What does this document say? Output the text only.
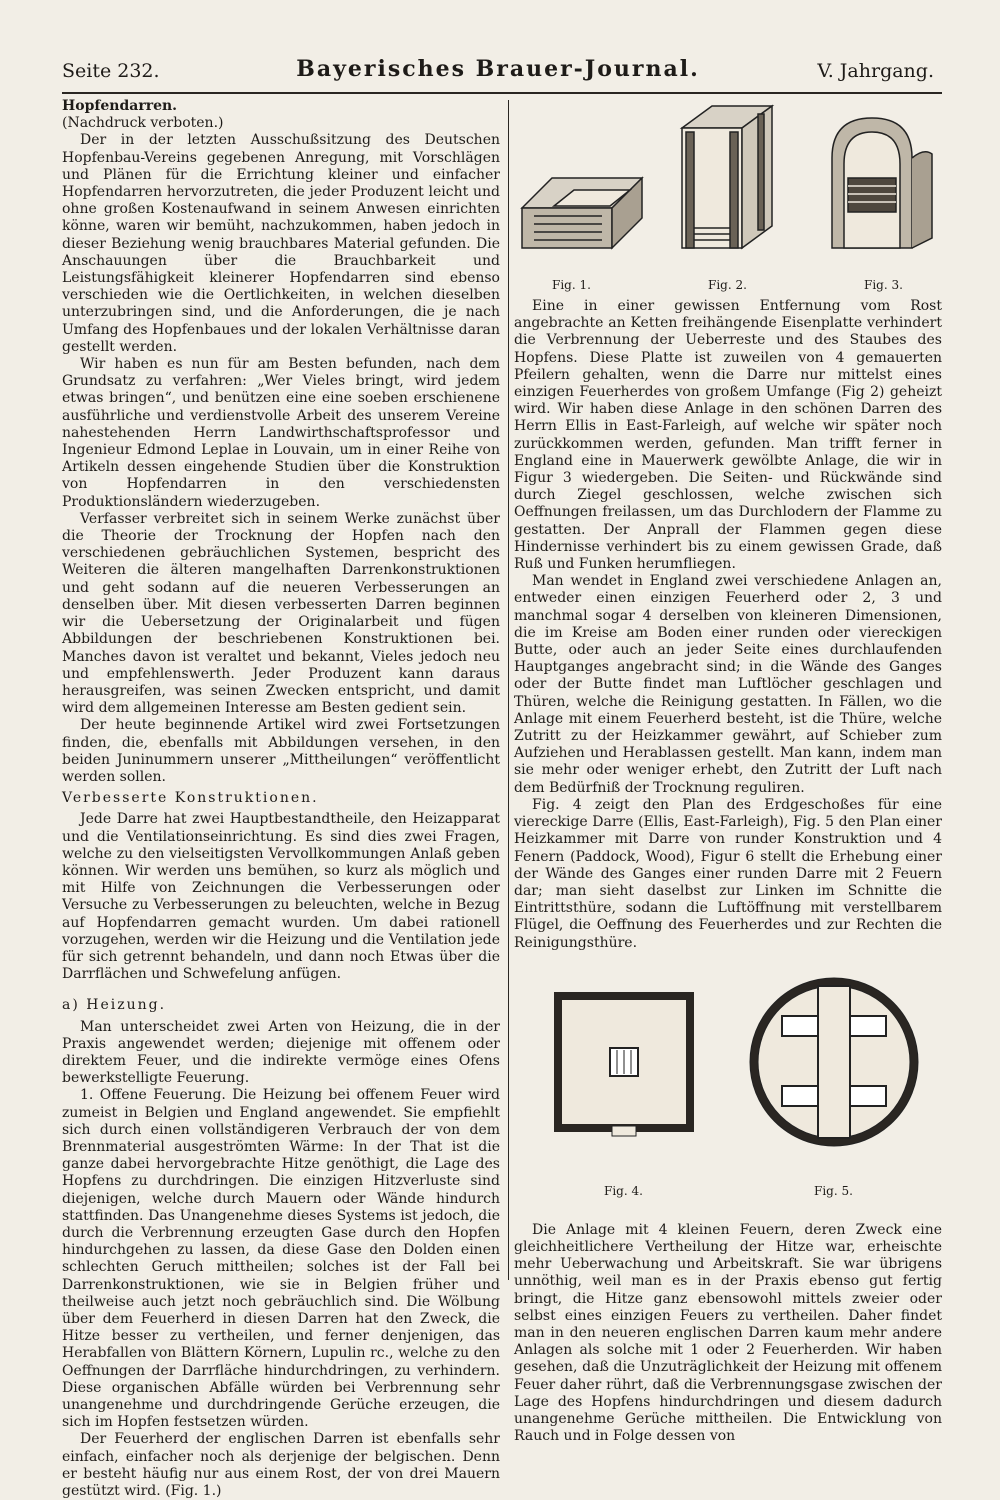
Seite 232.	Bayerisches Brauer-Journal.	V. Jahrgang.

Hopfendarren.

(Nachdruck verboten.)

Der in der letzten Ausschußsitzung des Deutschen Hopfenbau-Vereins gegebenen Anregung, mit Vorschlägen und Plänen für die Errichtung kleiner und einfacher Hopfendarren hervorzutreten, die jeder Produzent leicht und ohne großen Kostenaufwand in seinem Anwesen einrichten könne, waren wir bemüht, nachzukommen, haben jedoch in dieser Beziehung wenig brauchbares Material gefunden. Die Anschauungen über die Brauchbarkeit und Leistungsfähigkeit kleinerer Hopfendarren sind ebenso verschieden wie die Oertlichkeiten, in welchen dieselben unterzubringen sind, und die Anforderungen, die je nach Umfang des Hopfenbaues und der lokalen Verhältnisse daran gestellt werden.

Wir haben es nun für am Besten befunden, nach dem Grundsatz zu verfahren: „Wer Vieles bringt, wird jedem etwas bringen“, und benützen eine eine soeben erschienene ausführliche und verdienstvolle Arbeit des unserem Vereine nahestehenden Herrn Landwirthschaftsprofessor und Ingenieur Edmond Leplae in Louvain, um in einer Reihe von Artikeln dessen eingehende Studien über die Konstruktion von Hopfendarren in den verschiedensten Produktionsländern wiederzugeben.

Verfasser verbreitet sich in seinem Werke zunächst über die Theorie der Trocknung der Hopfen nach den verschiedenen gebräuchlichen Systemen, bespricht des Weiteren die älteren mangelhaften Darrenkonstruktionen und geht sodann auf die neueren Verbesserungen an denselben über. Mit diesen verbesserten Darren beginnen wir die Uebersetzung der Originalarbeit und fügen Abbildungen der beschriebenen Konstruktionen bei. Manches davon ist veraltet und bekannt, Vieles jedoch neu und empfehlenswerth. Jeder Produzent kann daraus herausgreifen, was seinen Zwecken entspricht, und damit wird dem allgemeinen Interesse am Besten gedient sein.

Der heute beginnende Artikel wird zwei Fortsetzungen finden, die, ebenfalls mit Abbildungen versehen, in den beiden Juninummern unserer „Mittheilungen“ veröffentlicht werden sollen.

Verbesserte Konstruktionen.

Jede Darre hat zwei Hauptbestandtheile, den Heizapparat und die Ventilationseinrichtung. Es sind dies zwei Fragen, welche zu den vielseitigsten Vervollkommungen Anlaß geben können. Wir werden uns bemühen, so kurz als möglich und mit Hilfe von Zeichnungen die Verbesserungen oder Versuche zu Verbesserungen zu beleuchten, welche in Bezug auf Hopfendarren gemacht wurden. Um dabei rationell vorzugehen, werden wir die Heizung und die Ventilation jede für sich getrennt behandeln, und dann noch Etwas über die Darrflächen und Schwefelung anfügen.

a) Heizung.

Man unterscheidet zwei Arten von Heizung, die in der Praxis angewendet werden; diejenige mit offenem oder direktem Feuer, und die indirekte vermöge eines Ofens bewerkstelligte Feuerung.

1. Offene Feuerung. Die Heizung bei offenem Feuer wird zumeist in Belgien und England angewendet. Sie empfiehlt sich durch einen vollständigeren Verbrauch der von dem Brennmaterial ausgeströmten Wärme: In der That ist die ganze dabei hervorgebrachte Hitze genöthigt, die Lage des Hopfens zu durchdringen. Die einzigen Hitzverluste sind diejenigen, welche durch Mauern oder Wände hindurch stattfinden. Das Unangenehme dieses Systems ist jedoch, die durch die Verbrennung erzeugten Gase durch den Hopfen hindurchgehen zu lassen, da diese Gase den Dolden einen schlechten Geruch mittheilen; solches ist der Fall bei Darrenkonstruktionen, wie sie in Belgien früher und theilweise auch jetzt noch gebräuchlich sind. Die Wölbung über dem Feuerherd in diesen Darren hat den Zweck, die Hitze besser zu vertheilen, und ferner denjenigen, das Herabfallen von Blättern Körnern, Lupulin rc., welche zu den Oeffnungen der Darrfläche hindurchdringen, zu verhindern. Diese organischen Abfälle würden bei Verbrennung sehr unangenehme und durchdringende Gerüche erzeugen, die sich im Hopfen festsetzen würden.

Der Feuerherd der englischen Darren ist ebenfalls sehr einfach, einfacher noch als derjenige der belgischen. Denn er besteht häufig nur aus einem Rost, der von drei Mauern gestützt wird. (Fig. 1.)

Fig. 1.	Fig. 2.	Fig. 3.

Eine in einer gewissen Entfernung vom Rost angebrachte an Ketten freihängende Eisenplatte verhindert die Verbrennung der Ueberreste und des Staubes des Hopfens. Diese Platte ist zuweilen von 4 gemauerten Pfeilern gehalten, wenn die Darre nur mittelst eines einzigen Feuerherdes von großem Umfange (Fig 2) geheizt wird. Wir haben diese Anlage in den schönen Darren des Herrn Ellis in East-Farleigh, auf welche wir später noch zurückkommen werden, gefunden. Man trifft ferner in England eine in Mauerwerk gewölbte Anlage, die wir in Figur 3 wiedergeben. Die Seiten- und Rückwände sind durch Ziegel geschlossen, welche zwischen sich Oeffnungen freilassen, um das Durchlodern der Flamme zu gestatten. Der Anprall der Flammen gegen diese Hindernisse verhindert bis zu einem gewissen Grade, daß Ruß und Funken herumfliegen.

Man wendet in England zwei verschiedene Anlagen an, entweder einen einzigen Feuerherd oder 2, 3 und manchmal sogar 4 derselben von kleineren Dimensionen, die im Kreise am Boden einer runden oder viereckigen Butte, oder auch an jeder Seite eines durchlaufenden Hauptganges angebracht sind; in die Wände des Ganges oder der Butte findet man Luftlöcher geschlagen und Thüren, welche die Reinigung gestatten. In Fällen, wo die Anlage mit einem Feuerherd besteht, ist die Thüre, welche Zutritt zu der Heizkammer gewährt, auf Schieber zum Aufziehen und Herablassen gestellt. Man kann, indem man sie mehr oder weniger erhebt, den Zutritt der Luft nach dem Bedürfniß der Trocknung reguliren.

Fig. 4 zeigt den Plan des Erdgeschoßes für eine viereckige Darre (Ellis, East-Farleigh), Fig. 5 den Plan einer Heizkammer mit Darre von runder Konstruktion und 4 Fenern (Paddock, Wood), Figur 6 stellt die Erhebung einer der Wände des Ganges einer runden Darre mit 2 Feuern dar; man sieht daselbst zur Linken im Schnitte die Eintrittsthüre, sodann die Luftöffnung mit verstellbarem Flügel, die Oeffnung des Feuerherdes und zur Rechten die Reinigungsthüre.

Fig. 4.	Fig. 5.

Die Anlage mit 4 kleinen Feuern, deren Zweck eine gleichheitlichere Vertheilung der Hitze war, erheischte mehr Ueberwachung und Arbeitskraft. Sie war übrigens unnöthig, weil man es in der Praxis ebenso gut fertig bringt, die Hitze ganz ebensowohl mittels zweier oder selbst eines einzigen Feuers zu vertheilen. Daher findet man in den neueren englischen Darren kaum mehr andere Anlagen als solche mit 1 oder 2 Feuerherden. Wir haben gesehen, daß die Unzuträglichkeit der Heizung mit offenem Feuer daher rührt, daß die Verbrennungsgase zwischen der Lage des Hopfens hindurchdringen und diesem dadurch unangenehme Gerüche mittheilen. Die Entwicklung von Rauch und in Folge dessen von
